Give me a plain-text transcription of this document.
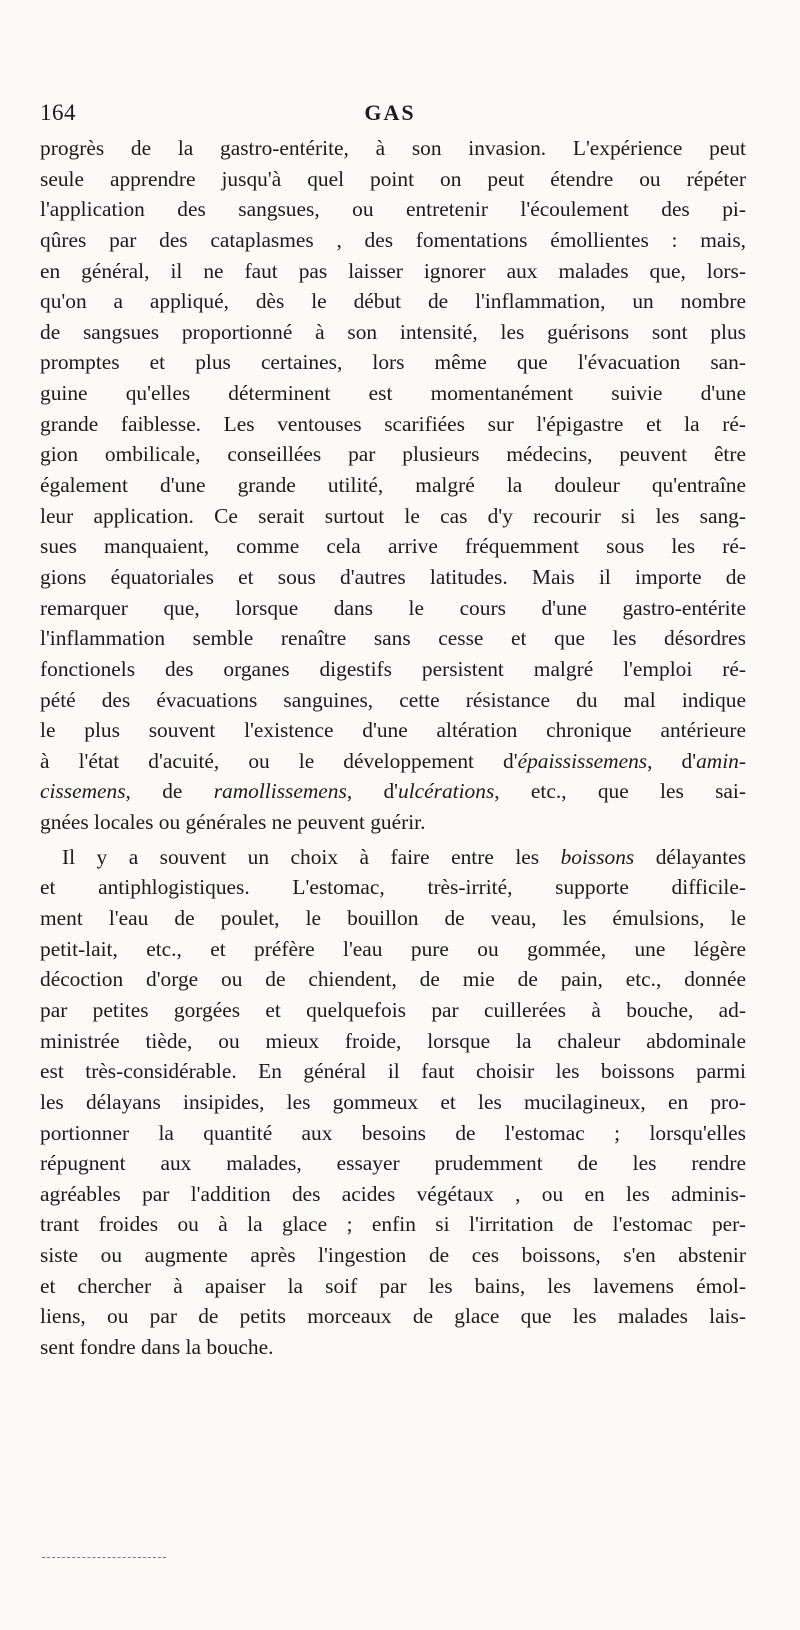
164	GAS
progrès de la gastro-entérite, à son invasion. L'expérience peut
seule apprendre jusqu'à quel point on peut étendre ou répéter
l'application des sangsues, ou entretenir l'écoulement des pi-
qûres par des cataplasmes , des fomentations émollientes : mais,
en général, il ne faut pas laisser ignorer aux malades que, lors-
qu'on a appliqué, dès le début de l'inflammation, un nombre
de sangsues proportionné à son intensité, les guérisons sont plus
promptes et plus certaines, lors même que l'évacuation san-
guine qu'elles déterminent est momentanément suivie d'une
grande faiblesse. Les ventouses scarifiées sur l'épigastre et la ré-
gion ombilicale, conseillées par plusieurs médecins, peuvent être
également d'une grande utilité, malgré la douleur qu'entraîne
leur application. Ce serait surtout le cas d'y recourir si les sang-
sues manquaient, comme cela arrive fréquemment sous les ré-
gions équatoriales et sous d'autres latitudes. Mais il importe de
remarquer que, lorsque dans le cours d'une gastro-entérite
l'inflammation semble renaître sans cesse et que les désordres
fonctionels des organes digestifs persistent malgré l'emploi ré-
pété des évacuations sanguines, cette résistance du mal indique
le plus souvent l'existence d'une altération chronique antérieure
à l'état d'acuité, ou le développement d'épaississemens, d'amin-
cissemens, de ramollissemens, d'ulcérations, etc., que les sai-
gnées locales ou générales ne peuvent guérir.
Il y a souvent un choix à faire entre les boissons délayantes
et antiphlogistiques. L'estomac, très-irrité, supporte difficile-
ment l'eau de poulet, le bouillon de veau, les émulsions, le
petit-lait, etc., et préfère l'eau pure ou gommée, une légère
décoction d'orge ou de chiendent, de mie de pain, etc., donnée
par petites gorgées et quelquefois par cuillerées à bouche, ad-
ministrée tiède, ou mieux froide, lorsque la chaleur abdominale
est très-considérable. En général il faut choisir les boissons parmi
les délayans insipides, les gommeux et les mucilagineux, en pro-
portionner la quantité aux besoins de l'estomac ; lorsqu'elles
répugnent aux malades, essayer prudemment de les rendre
agréables par l'addition des acides végétaux , ou en les adminis-
trant froides ou à la glace ; enfin si l'irritation de l'estomac per-
siste ou augmente après l'ingestion de ces boissons, s'en abstenir
et chercher à apaiser la soif par les bains, les lavemens émol-
liens, ou par de petits morceaux de glace que les malades lais-
sent fondre dans la bouche.
